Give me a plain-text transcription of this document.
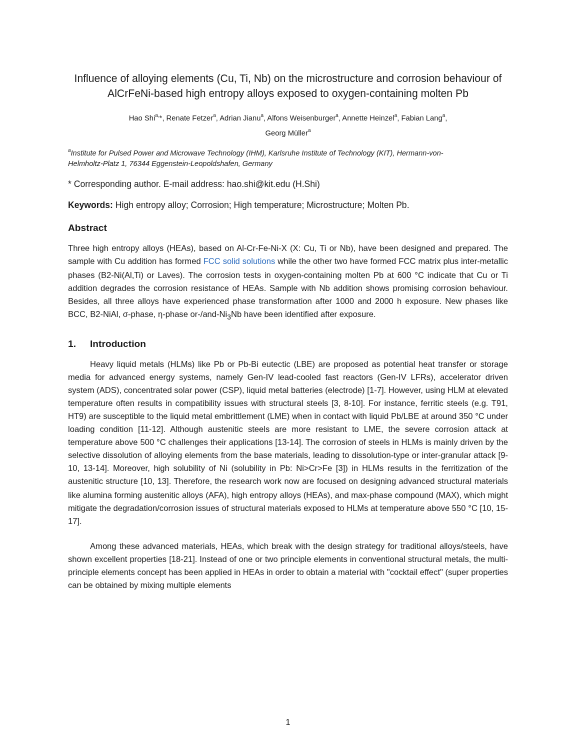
Influence of alloying elements (Cu, Ti, Nb) on the microstructure and corrosion behaviour of
AlCrFeNi-based high entropy alloys exposed to oxygen-containing molten Pb
Hao Shi$^{a,}$*, Renate Fetzer$^a$, Adrian Jianu$^a$, Alfons Weisenburger$^a$, Annette Heinzel$^a$, Fabian Lang$^a$,
Georg Müller$^a$

$^a$Institute for Pulsed Power and Microwave Technology (IHM), Karlsruhe Institute of Technology (KIT), Hermann-von-
Helmholtz-Platz 1, 76344 Eggenstein-Leopoldshafen, Germany

* Corresponding author. E-mail address: hao.shi@kit.edu (H.Shi)

Keywords: High entropy alloy; Corrosion; High temperature; Microstructure; Molten Pb.

Abstract

Three high entropy alloys (HEAs), based on Al-Cr-Fe-Ni-X (X: Cu, Ti or Nb), have been designed and prepared. The sample with Cu addition has formed FCC solid solutions while the other two have formed FCC matrix plus inter-metallic phases (B2-Ni(Al,Ti) or Laves). The corrosion tests in oxygen-containing molten Pb at 600 °C indicate that Cu or Ti addition degrades the corrosion resistance of HEAs. Sample with Nb addition shows promising corrosion behaviour. Besides, all three alloys have experienced phase transformation after 1000 and 2000 h exposure. New phases like BCC, B2-NiAl, σ-phase, η-phase $or-/and-Ni_3Nb$ have been identified after exposure.

1. Introduction

Heavy liquid metals (HLMs) like Pb or Pb-Bi eutectic (LBE) are proposed as potential heat transfer or storage media for advanced energy systems, namely Gen-IV lead-cooled fast reactors (Gen-IV LFRs), accelerator driven system (ADS), concentrated solar power (CSP), liquid metal batteries (electrode) [1-7]. However, using HLM at elevated temperature often results in compatibility issues with structural steels [3, 8-10]. For instance, ferritic steels (e.g. T91, HT9) are susceptible to the liquid metal embrittlement (LME) when in contact with liquid Pb/LBE at around 350 °C under loading condition [11-12]. Although austenitic steels are more resistant to LME, the severe corrosion attack at temperature above 500 °C challenges their applications [13-14]. The corrosion of steels in HLMs is mainly driven by the selective dissolution of alloying elements from the base materials, leading to dissolution-type or inter-granular attack [9-10, 13-14]. Moreover, high solubility of Ni (solubility in Pb: Ni>Cr>Fe [3]) in HLMs results in the ferritization of the austenitic structure [10, 13]. Therefore, the research work now are focused on designing advanced structural materials like alumina forming austenitic alloys (AFA), high entropy alloys (HEAs), and max-phase compound (MAX), which might mitigate the degradation/corrosion issues of structural materials exposed to HLMs at temperature above 550 °C [10, 15-17].

Among these advanced materials, HEAs, which break with the design strategy for traditional alloys/steels, have shown excellent properties [18-21]. Instead of one or two principle elements in conventional structural metals, the multi-principle elements concept has been applied in HEAs in order to obtain a material with "cocktail effect" (super properties can be obtained by mixing multiple elements

1
